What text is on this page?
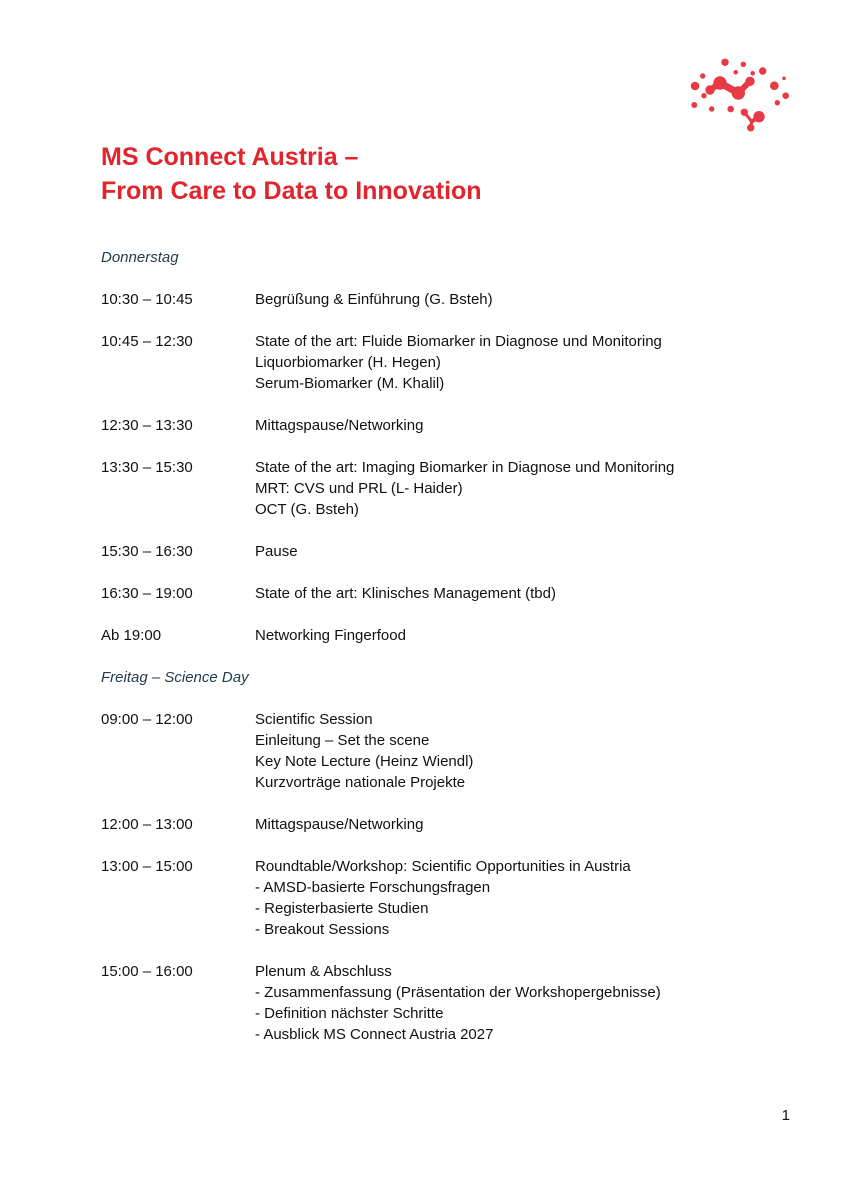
MS Connect Austria –
From Care to Data to Innovation
Donnerstag
10:30 – 10:45	Begrüßung & Einführung (G. Bsteh)
10:45 – 12:30	State of the art: Fluide Biomarker in Diagnose und Monitoring
Liquorbiomarker (H. Hegen)
Serum-Biomarker (M. Khalil)
12:30 – 13:30	Mittagspause/Networking
13:30 – 15:30	State of the art: Imaging Biomarker in Diagnose und Monitoring
MRT: CVS und PRL (L- Haider)
OCT (G. Bsteh)
15:30 – 16:30	Pause
16:30 – 19:00	State of the art: Klinisches Management (tbd)
Ab 19:00	Networking Fingerfood
Freitag – Science Day
09:00 – 12:00	Scientific Session
Einleitung – Set the scene
Key Note Lecture (Heinz Wiendl)
Kurzvorträge nationale Projekte
12:00 – 13:00	Mittagspause/Networking
13:00 – 15:00	Roundtable/Workshop: Scientific Opportunities in Austria
- AMSD-basierte Forschungsfragen
- Registerbasierte Studien
- Breakout Sessions
15:00 – 16:00	Plenum & Abschluss
- Zusammenfassung (Präsentation der Workshopergebnisse)
- Definition nächster Schritte
- Ausblick MS Connect Austria 2027
1
